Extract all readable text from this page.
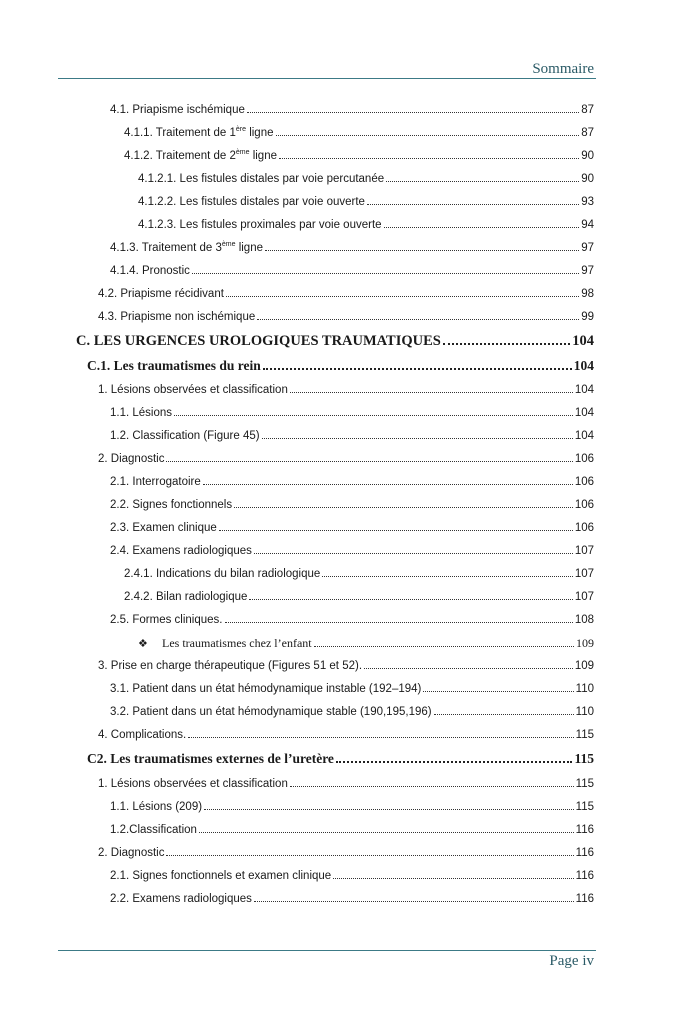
Sommaire
4.1. Priapisme ischémique	87
4.1.1. Traitement de 1ère ligne	87
4.1.2. Traitement de 2ème ligne	90
4.1.2.1. Les fistules distales par voie percutanée	90
4.1.2.2. Les fistules distales par voie ouverte	93
4.1.2.3. Les fistules proximales par voie ouverte	94
4.1.3. Traitement de 3ème ligne	97
4.1.4. Pronostic	97
4.2. Priapisme récidivant	98
4.3. Priapisme non ischémique	99
C. LES URGENCES UROLOGIQUES TRAUMATIQUES	104
C.1. Les traumatismes du rein	104
1. Lésions observées et classification	104
1.1. Lésions	104
1.2. Classification (Figure 45)	104
2. Diagnostic	106
2.1. Interrogatoire	106
2.2. Signes fonctionnels	106
2.3. Examen clinique	106
2.4. Examens radiologiques	107
2.4.1. Indications du bilan radiologique	107
2.4.2. Bilan radiologique	107
2.5. Formes cliniques.	108
❖ Les traumatismes chez l’enfant	109
3. Prise en charge thérapeutique (Figures 51 et 52).	109
3.1. Patient dans un état hémodynamique instable (192–194)	110
3.2. Patient dans un état hémodynamique stable (190,195,196)	110
4. Complications.	115
C2. Les traumatismes externes de l’uretère	115
1. Lésions observées et classification	115
1.1. Lésions (209)	115
1.2.Classification	116
2. Diagnostic	116
2.1. Signes fonctionnels et examen clinique	116
2.2. Examens radiologiques	116
Page iv
